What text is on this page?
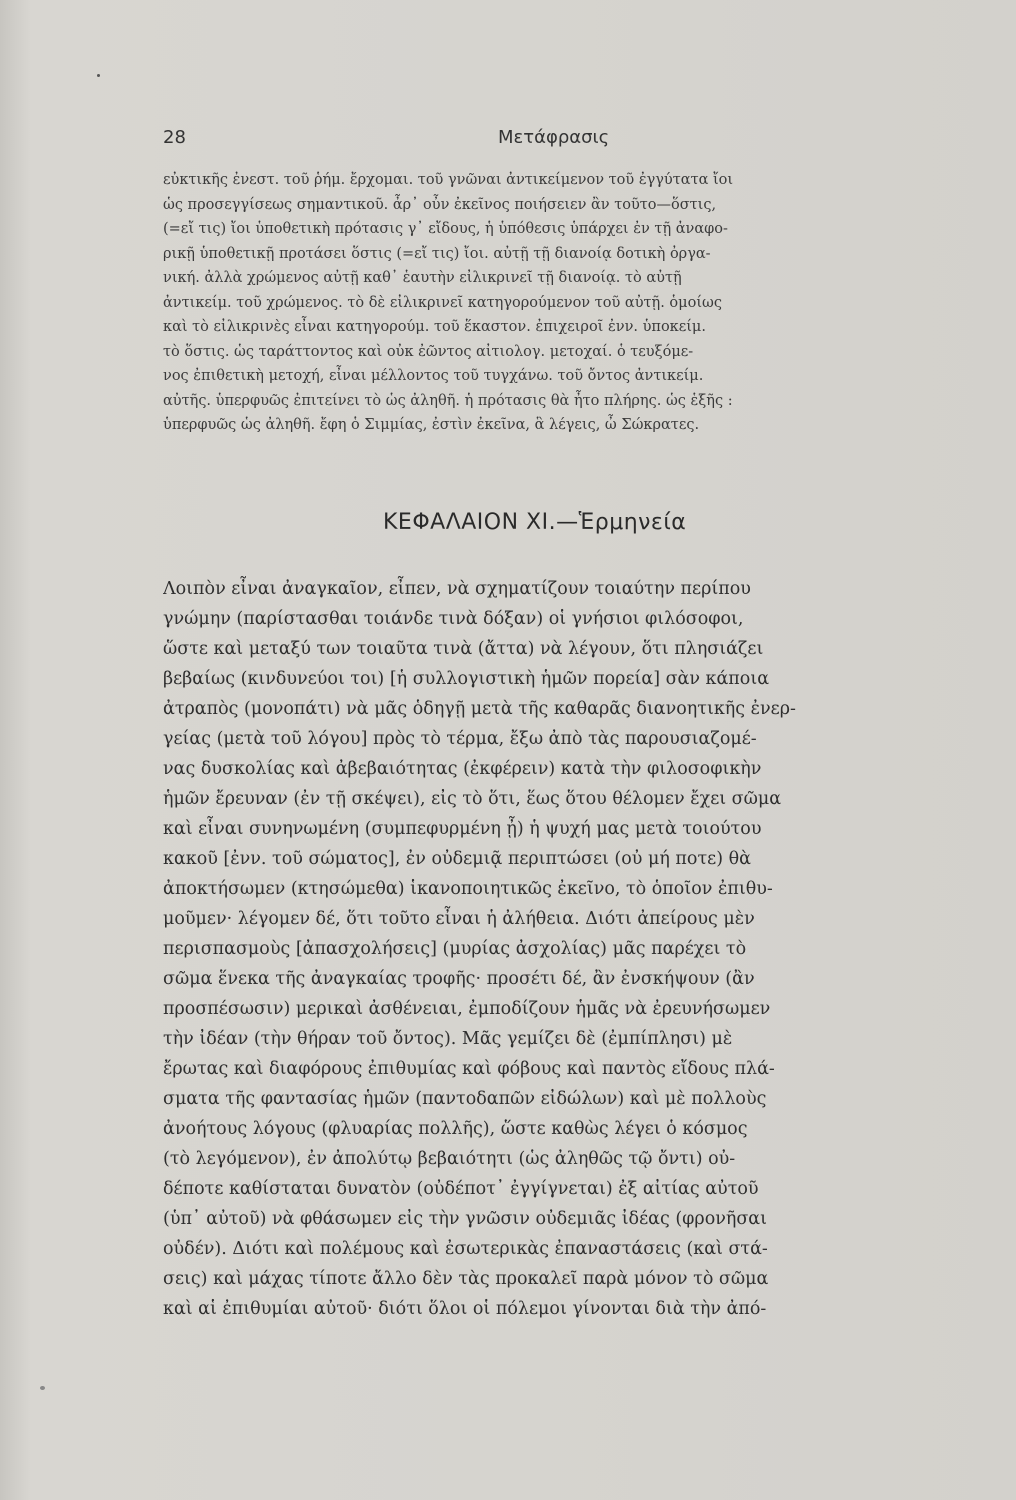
28	Μετάφρασις
εὐκτικῆς ἐνεστ. τοῦ ῥήμ. ἔρχομαι. τοῦ γνῶναι ἀντικείμενον τοῦ ἐγγύτατα ἴοι
ὡς προσεγγίσεως σημαντικοῦ. ἆρ᾽ οὖν ἐκεῖνος ποιήσειεν ἂν τοῦτο—ὅστις,
(=εἴ τις) ἴοι ὑποθετικὴ πρότασις γ᾽ εἴδους, ἡ ὑπόθεσις ὑπάρχει ἐν τῇ ἀναφο-
ρικῇ ὑποθετικῇ προτάσει ὅστις (=εἴ τις) ἴοι. αὐτῇ τῇ διανοίᾳ δοτικὴ ὀργα-
νική. ἀλλὰ χρώμενος αὐτῇ καθ᾽ ἑαυτὴν εἰλικρινεῖ τῇ διανοίᾳ. τὸ αὐτῇ
ἀντικείμ. τοῦ χρώμενος. τὸ δὲ εἰλικρινεῖ κατηγορούμενον τοῦ αὐτῇ. ὁμοίως
καὶ τὸ εἰλικρινὲς εἶναι κατηγορούμ. τοῦ ἕκαστον. ἐπιχειροῖ ἐνν. ὑποκείμ.
τὸ ὅστις. ὡς ταράττοντος καὶ οὐκ ἐῶντος αἰτιολογ. μετοχαί. ὁ τευξόμε-
νος ἐπιθετικὴ μετοχή, εἶναι μέλλοντος τοῦ τυγχάνω. τοῦ ὄντος ἀντικείμ.
αὐτῆς. ὑπερφυῶς ἐπιτείνει τὸ ὡς ἀληθῆ. ἡ πρότασις θὰ ἦτο πλήρης. ὡς ἑξῆς :
ὑπερφυῶς ὡς ἀληθῆ. ἔφη ὁ Σιμμίας, ἐστὶν ἐκεῖνα, ἃ λέγεις, ὦ Σώκρατες.
ΚΕΦΑΛΑΙΟΝ ΧΙ.—Ἑρμηνεία
Λοιπὸν εἶναι ἀναγκαῖον, εἶπεν, νὰ σχηματίζουν τοιαύτην περίπου
γνώμην (παρίστασθαι τοιάνδε τινὰ δόξαν) οἱ γνήσιοι φιλόσοφοι,
ὥστε καὶ μεταξύ των τοιαῦτα τινὰ (ἄττα) νὰ λέγουν, ὅτι πλησιάζει
βεβαίως (κινδυνεύοι τοι) [ἡ συλλογιστικὴ ἡμῶν πορεία] σὰν κάποια
ἀτραπὸς (μονοπάτι) νὰ μᾶς ὁδηγῇ μετὰ τῆς καθαρᾶς διανοητικῆς ἐνερ-
γείας (μετὰ τοῦ λόγου] πρὸς τὸ τέρμα, ἔξω ἀπὸ τὰς παρουσιαζομέ-
νας δυσκολίας καὶ ἀβεβαιότητας (ἐκφέρειν) κατὰ τὴν φιλοσοφικὴν
ἡμῶν ἔρευναν (ἐν τῇ σκέψει), εἰς τὸ ὅτι, ἕως ὅτου θέλομεν ἔχει σῶμα
καὶ εἶναι συνηνωμένη (συμπεφυρμένη ᾖ) ἡ ψυχή μας μετὰ τοιούτου
κακοῦ [ἐνν. τοῦ σώματος], ἐν οὐδεμιᾷ περιπτώσει (οὐ μή ποτε) θὰ
ἀποκτήσωμεν (κτησώμεθα) ἱκανοποιητικῶς ἐκεῖνο, τὸ ὁποῖον ἐπιθυ-
μοῦμεν· λέγομεν δέ, ὅτι τοῦτο εἶναι ἡ ἀλήθεια. Διότι ἀπείρους μὲν
περισπασμοὺς [ἀπασχολήσεις] (μυρίας ἀσχολίας) μᾶς παρέχει τὸ
σῶμα ἕνεκα τῆς ἀναγκαίας τροφῆς· προσέτι δέ, ἂν ἐνσκήψουν (ἂν
προσπέσωσιν) μερικαὶ ἀσθένειαι, ἐμποδίζουν ἡμᾶς νὰ ἐρευνήσωμεν
τὴν ἰδέαν (τὴν θήραν τοῦ ὄντος). Μᾶς γεμίζει δὲ (ἐμπίπλησι) μὲ
ἔρωτας καὶ διαφόρους ἐπιθυμίας καὶ φόβους καὶ παντὸς εἴδους πλά-
σματα τῆς φαντασίας ἡμῶν (παντοδαπῶν εἰδώλων) καὶ μὲ πολλοὺς
ἀνοήτους λόγους (φλυαρίας πολλῆς), ὥστε καθὼς λέγει ὁ κόσμος
(τὸ λεγόμενον), ἐν ἀπολύτῳ βεβαιότητι (ὡς ἀληθῶς τῷ ὄντι) οὐ-
δέποτε καθίσταται δυνατὸν (οὐδέποτ᾽ ἐγγίγνεται) ἐξ αἰτίας αὐτοῦ
(ὑπ᾽ αὐτοῦ) νὰ φθάσωμεν εἰς τὴν γνῶσιν οὐδεμιᾶς ἰδέας (φρονῆσαι
οὐδέν). Διότι καὶ πολέμους καὶ ἐσωτερικὰς ἐπαναστάσεις (καὶ στά-
σεις) καὶ μάχας τίποτε ἄλλο δὲν τὰς προκαλεῖ παρὰ μόνον τὸ σῶμα
καὶ αἱ ἐπιθυμίαι αὐτοῦ· διότι ὅλοι οἱ πόλεμοι γίνονται διὰ τὴν ἀπό-
